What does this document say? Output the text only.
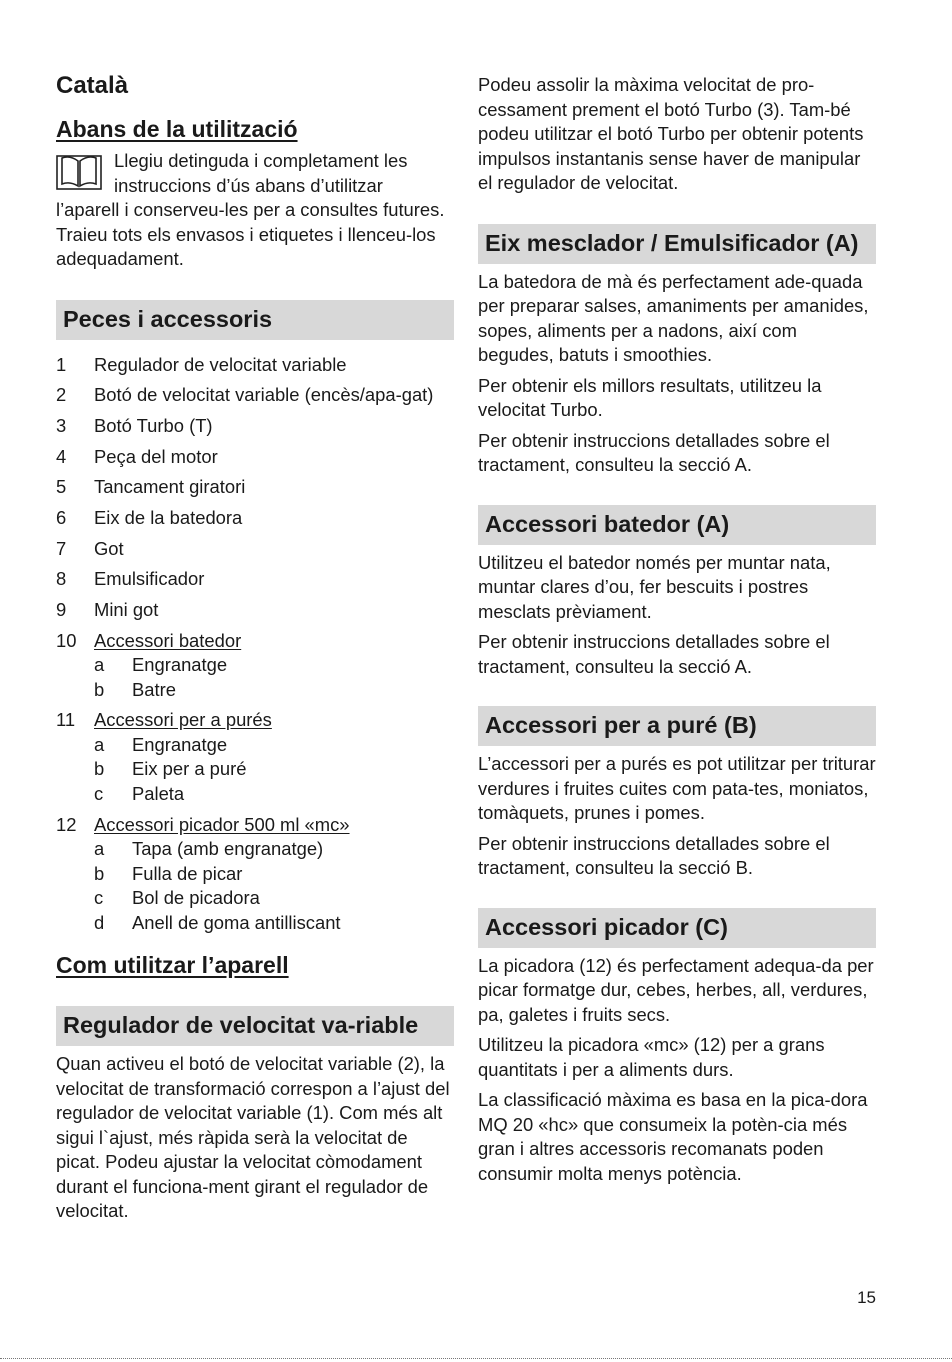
Català
Abans de la utilització

Llegiu detinguda i completament les instruccions d’ús abans d’utilitzar

l’aparell i conserveu-les per a consultes futures. Traieu tots els envasos i etiquetes i llenceu-los adequadament.

Peces i accessoris
1	Regulador de velocitat variable
2	Botó de velocitat variable (encès/apa-gat)
3	Botó Turbo (T)
4	Peça del motor
5	Tancament giratori
6	Eix de la batedora
7	Got
8	Emulsificador
9	Mini got
10 Accessori batedor
a	Engranatge
b	Batre
11	Accessori per a purés
a	Engranatge
b	Eix per a puré
c	Paleta
12 Accessori picador 500 ml «mc»
a	Tapa (amb engranatge)
b	Fulla de picar
c	Bol de picadora
d	Anell de goma antilliscant
Com utilitzar l’aparell
Regulador de velocitat va-riable

Quan activeu el botó de velocitat variable (2), la velocitat de transformació correspon a l’ajust del regulador de velocitat variable (1). Com més alt sigui l`ajust, més ràpida serà la velocitat de picat. Podeu ajustar la velocitat còmodament durant el funciona-ment girant el regulador de velocitat.

Podeu assolir la màxima velocitat de pro-cessament prement el botó Turbo (3). Tam-bé podeu utilitzar el botó Turbo per obtenir potents impulsos instantanis sense haver de manipular el regulador de velocitat.

Eix mesclador / Emulsificador (A)

La batedora de mà és perfectament ade-quada per preparar salses, amaniments per amanides, sopes, aliments per a nadons, així com begudes, batuts i smoothies.

Per obtenir els millors resultats, utilitzeu la velocitat Turbo.

Per obtenir instruccions detallades sobre el tractament, consulteu la secció A.

Accessori batedor (A)

Utilitzeu el batedor només per muntar nata, muntar clares d’ou, fer bescuits i postres mesclats prèviament.

Per obtenir instruccions detallades sobre el tractament, consulteu la secció A.

Accessori per a puré (B)

L’accessori per a purés es pot utilitzar per triturar verdures i fruites cuites com pata-tes, moniatos, tomàquets, prunes i pomes.

Per obtenir instruccions detallades sobre el tractament, consulteu la secció B.

Accessori picador (C)

La picadora (12) és perfectament adequa-da per picar formatge dur, cebes, herbes, all, verdures, pa, galetes i fruits secs.

Utilitzeu la picadora «mc» (12) per a grans quantitats i per a aliments durs.

La classificació màxima es basa en la pica-dora MQ 20 «hc» que consumeix la potèn-cia més gran i altres accessoris recomanats poden consumir molta menys potència.

15
